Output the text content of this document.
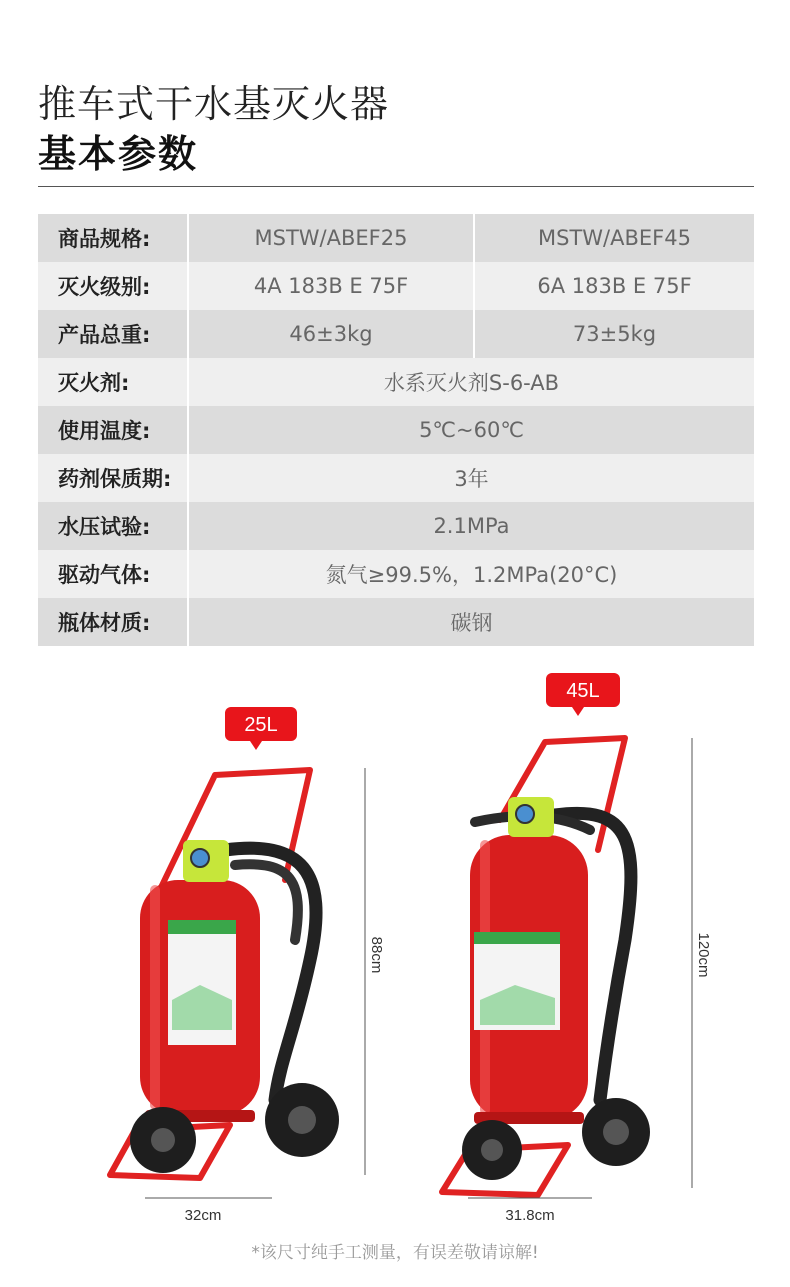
推车式干水基灭火器
基本参数
商品规格:	MSTW/ABEF25	MSTW/ABEF45
灭火级别:	4A 183B E 75F	6A 183B E 75F
产品总重:	46±3kg	73±5kg
灭火剂:	水系灭火剂S-6-AB	
使用温度:	5℃~60℃	
药剂保质期:	3年	
水压试验:	2.1MPa	
驱动气体:	氮气≥99.5%，1.2MPa(20°C)	
瓶体材质:	碳钢	
25L
88cm
32cm
45L
120cm
31.8cm
*该尺寸纯手工测量，有误差敬请谅解!
